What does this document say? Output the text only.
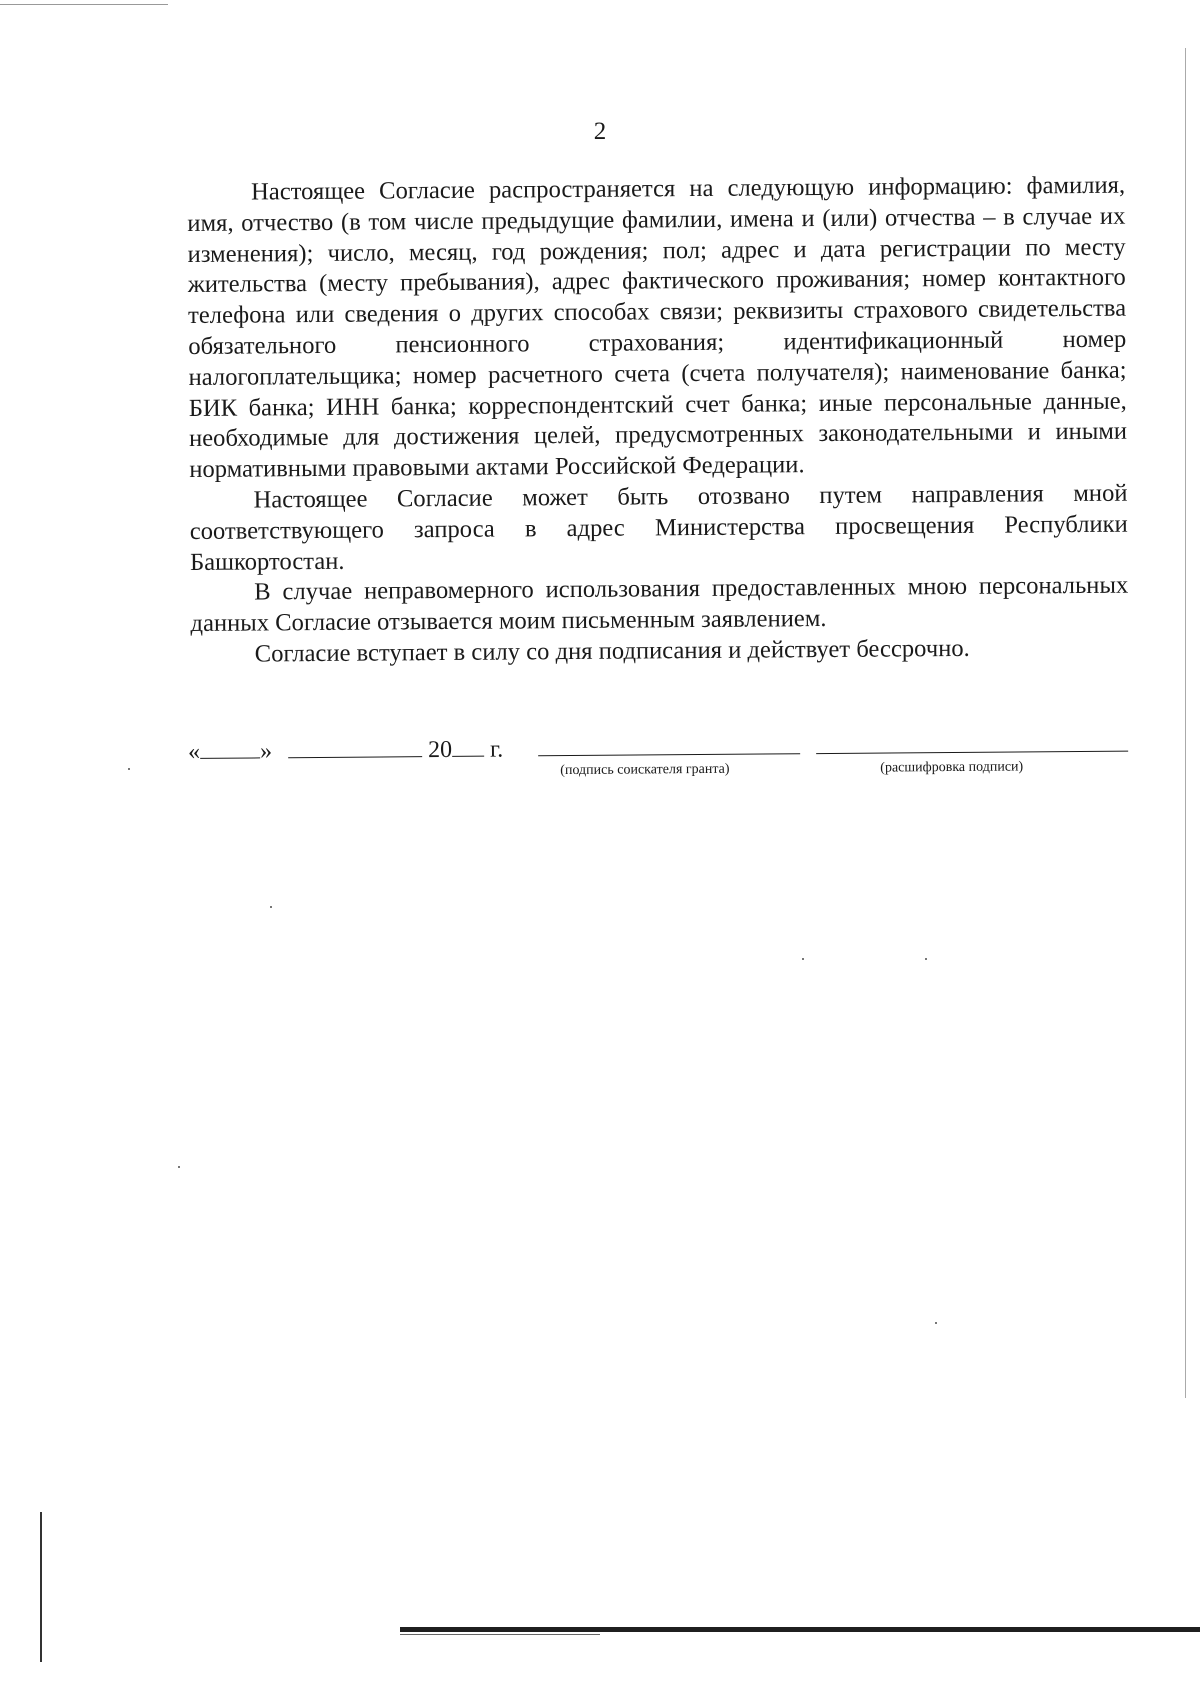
2

Настоящее Согласие распространяется на следующую информацию: фамилия, имя, отчество (в том числе предыдущие фамилии, имена и (или) отчества – в случае их изменения); число, месяц, год рождения; пол; адрес и дата регистрации по месту жительства (месту пребывания), адрес фактического проживания; номер контактного телефона или сведения о других способах связи; реквизиты страхового свидетельства обязательного пенсионного страхования; идентификационный номер налогоплательщика; номер расчетного счета (счета получателя); наименование банка; БИК банка; ИНН банка; корреспондентский счет банка; иные персональные данные, необходимые для достижения целей, предусмотренных законодательными и иными нормативными правовыми актами Российской Федерации.

Настоящее Согласие может быть отозвано путем направления мной соответствующего запроса в адрес Министерства просвещения Республики Башкортостан.

В случае неправомерного использования предоставленных мною персональных данных Согласие отзывается моим письменным заявлением.

Согласие вступает в силу со дня подписания и действует бессрочно.

« »	20 г.
(подпись соискателя гранта)	(расшифровка подписи)
